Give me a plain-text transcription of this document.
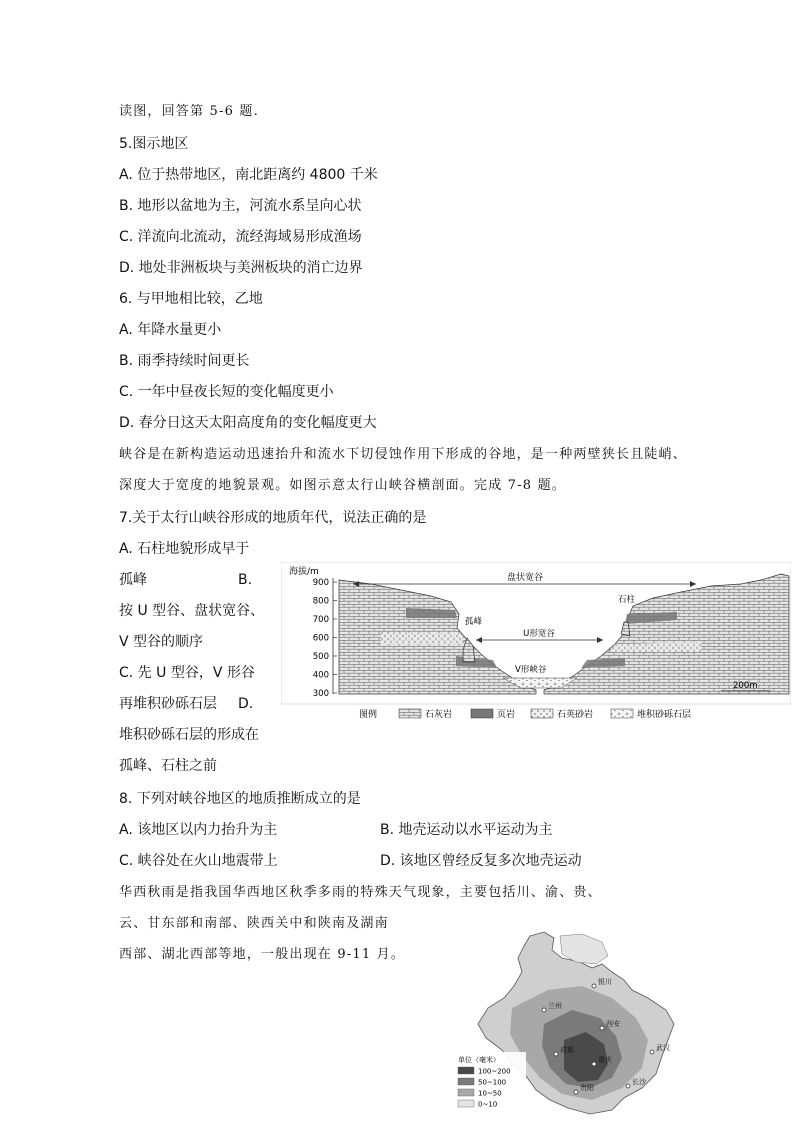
读图，回答第 5-6 题.
5.图示地区
A. 位于热带地区，南北距离约 4800 千米
B. 地形以盆地为主，河流水系呈向心状
C. 洋流向北流动，流经海域易形成渔场
D. 地处非洲板块与美洲板块的消亡边界
6. 与甲地相比较，乙地
A. 年降水量更小
B. 雨季持续时间更长
C. 一年中昼夜长短的变化幅度更小
D. 春分日这天太阳高度角的变化幅度更大
峡谷是在新构造运动迅速抬升和流水下切侵蚀作用下形成的谷地，是一种两壁狭长且陡峭、
深度大于宽度的地貌景观。如图示意太行山峡谷横剖面。完成 7-8 题。
7.关于太行山峡谷形成的地质年代，说法正确的是
A. 石柱地貌形成早于
孤峰	B.
按 U 型谷、盘状宽谷、
V 型谷的顺序
C. 先 U 型谷，V 形谷
再堆积砂砾石层 D.
堆积砂砾石层的形成在
孤峰、石柱之前
海拔/m
900
800
700
600
500
400
300
盘状宽谷
U形宽谷
V形峡谷
孤峰
石柱
200m
图例	石灰岩	页岩	石英砂岩	堆积砂砾石层
8. 下列对峡谷地区的地质推断成立的是
A. 该地区以内力抬升为主	B. 地壳运动以水平运动为主
C. 峡谷处在火山地震带上	D. 该地区曾经反复多次地壳运动
华西秋雨是指我国华西地区秋季多雨的特殊天气现象，主要包括川、渝、贵、
云、甘东部和南部、陕西关中和陕南及湖南
西部、湖北西部等地，一般出现在 9-11 月。
银川
兰州
西安
成都
重庆
武汉
贵阳
长沙
单位（毫米）
100~200
50~100
10~50
0~10
